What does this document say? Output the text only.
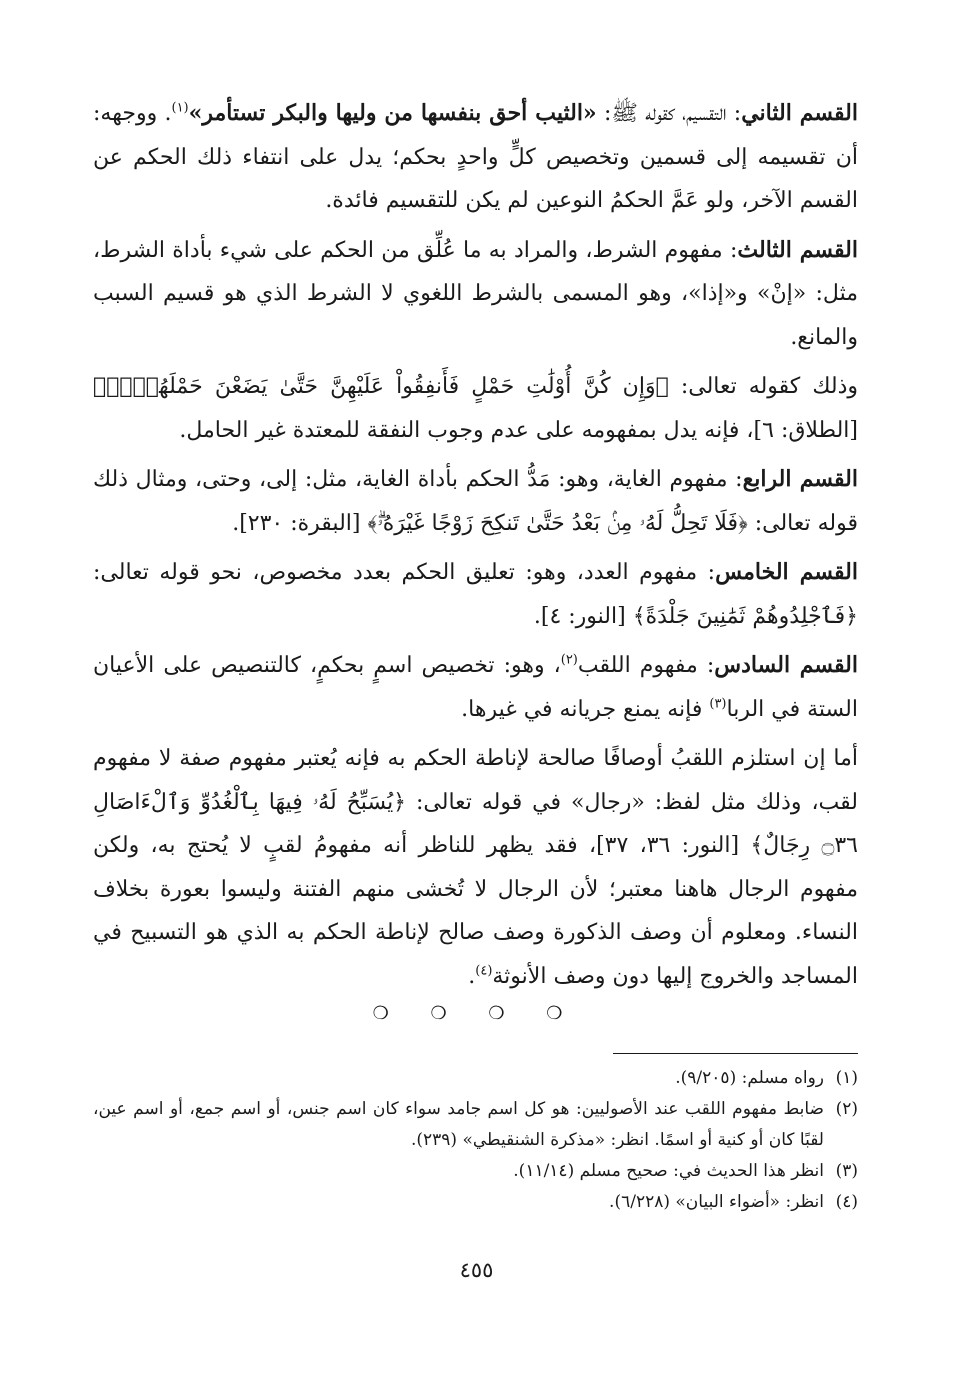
القسم الثاني: التقسيم، كقوله ﷺ: «الثيب أحق بنفسها من وليها والبكر تستأمر»$^{(١)}$. ووجهه: أن تقسيمه إلى قسمين وتخصيص كلٍّ واحدٍ بحكم؛ يدل على انتفاء ذلك الحكم عن القسم الآخر، ولو عَمَّ الحكمُ النوعين لم يكن للتقسيم فائدة.

القسم الثالث: مفهوم الشرط، والمراد به ما عُلِّق من الحكم على شيء بأداة الشرط، مثل: «إنْ» و«إذا»، وهو المسمى بالشرط اللغوي لا الشرط الذي هو قسيم السبب والمانع.

وذلك كقوله تعالى: ﴿وَإِن كُنَّ أُوْلَٰتِ حَمْلٍ فَأَنفِقُواْ عَلَيْهِنَّ حَتَّىٰ يَضَعْنَ حَمْلَهُنَّۚ﴾ [الطلاق: ٦]، فإنه يدل بمفهومه على عدم وجوب النفقة للمعتدة غير الحامل.

القسم الرابع: مفهوم الغاية، وهو: مَدُّ الحكم بأداة الغاية، مثل: إلى، وحتى، ومثال ذلك قوله تعالى: ﴿فَلَا تَحِلُّ لَهُۥ مِنۢ بَعْدُ حَتَّىٰ تَنكِحَ زَوْجًا غَيْرَهُۥۗ﴾ [البقرة: ٢٣٠].

القسم الخامس: مفهوم العدد، وهو: تعليق الحكم بعدد مخصوص، نحو قوله تعالى: ﴿فَٱجْلِدُوهُمْ ثَمَٰنِينَ جَلْدَةً﴾ [النور: ٤].

القسم السادس: مفهوم اللقب$^{(٢)}$، وهو: تخصيص اسمٍ بحكمٍ، كالتنصيص على الأعيان الستة في الربا$^{(٣)}$ فإنه يمنع جريانه في غيرها.

أما إن استلزم اللقبُ أوصافًا صالحة لإناطة الحكم به فإنه يُعتبر مفهوم صفة لا مفهوم لقب، وذلك مثل لفظ: «رجال» في قوله تعالى: ﴿يُسَبِّحُ لَهُۥ فِيهَا بِٱلْغُدُوِّ وَٱلْءَاصَالِ ۝٣٦ رِجَالٌ﴾ [النور: ٣٦، ٣٧]، فقد يظهر للناظر أنه مفهومُ لقبٍ لا يُحتج به، ولكن مفهوم الرجال هاهنا معتبر؛ لأن الرجال لا تُخشى منهم الفتنة وليسوا بعورة بخلاف النساء. ومعلوم أن وصف الذكورة وصف صالح لإناطة الحكم به الذي هو التسبيح في المساجد والخروج إليها دون وصف الأنوثة$^{(٤)}$.

❍ ❍ ❍ ❍
(١)
رواه مسلم: (٩/٢٠٥).
(٢)
ضابط مفهوم اللقب عند الأصوليين: هو كل اسم جامد سواء كان اسم جنس، أو اسم جمع، أو اسم عين، لقبًا كان أو كنية أو اسمًا. انظر: «مذكرة الشنقيطي» (٢٣٩).
(٣)
انظر هذا الحديث في: صحيح مسلم (١١/١٤).
(٤)
انظر: «أضواء البيان» (٦/٢٢٨).
٤٥٥
